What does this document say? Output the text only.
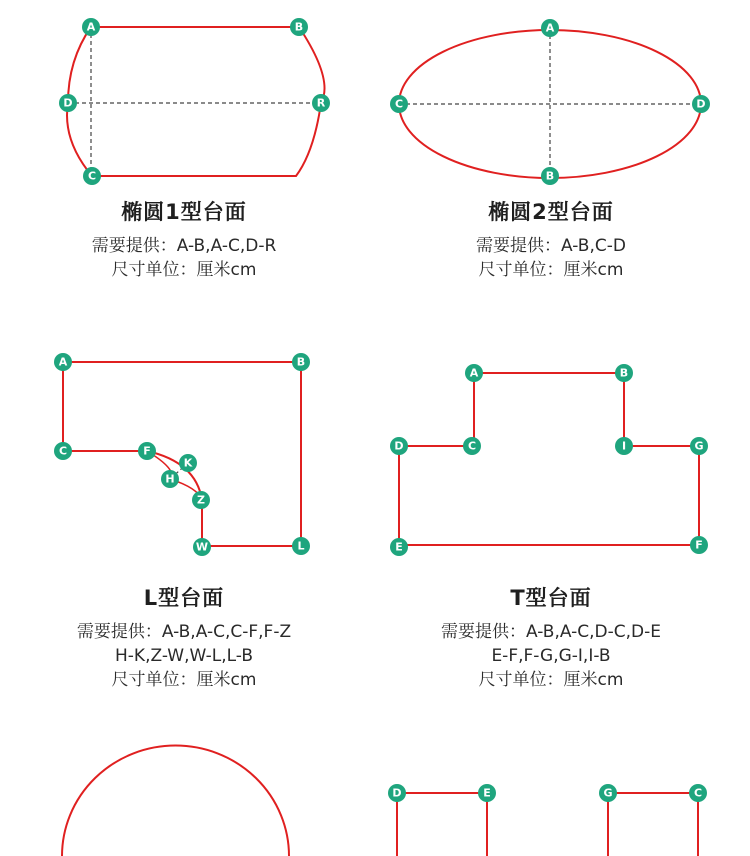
A	B
C
D	R
A
B
C	D
A	B
C	F
K
H
Z
W	L
A	B
D	C	I	G
E	F
D	E	G	C
椭圆1型台面
需要提供：A-B,A-C,D-R
尺寸单位：厘米cm
椭圆2型台面
需要提供：A-B,C-D
尺寸单位：厘米cm
L型台面
需要提供：A-B,A-C,C-F,F-Z
H-K,Z-W,W-L,L-B
尺寸单位：厘米cm
T型台面
需要提供：A-B,A-C,D-C,D-E
E-F,F-G,G-I,I-B
尺寸单位：厘米cm
